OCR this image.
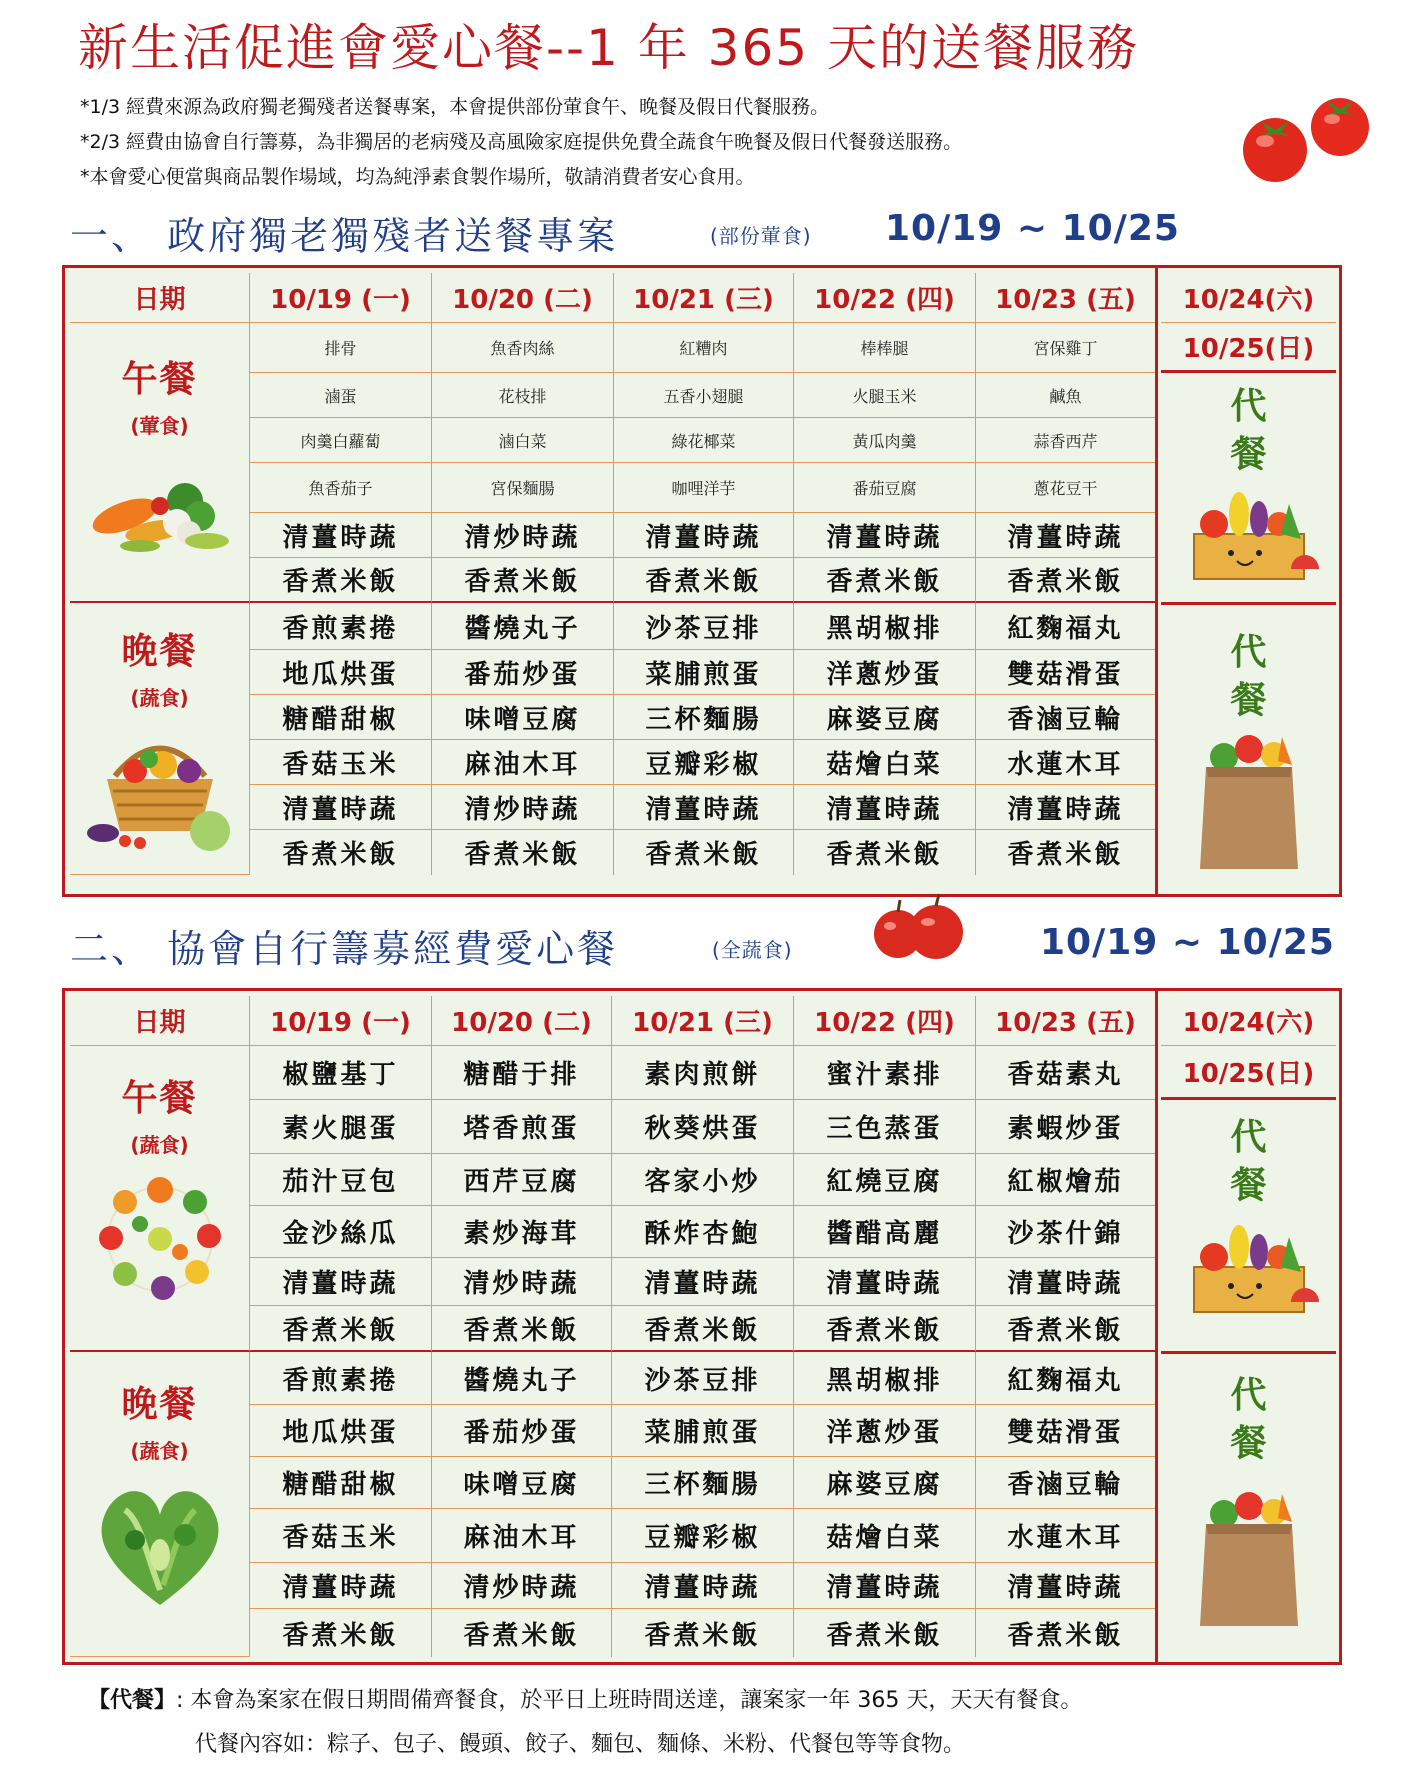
新生活促進會愛心餐--1 年 365 天的送餐服務
*1/3 經費來源為政府獨老獨殘者送餐專案，本會提供部份葷食午、晚餐及假日代餐服務。
*2/3 經費由協會自行籌募，為非獨居的老病殘及高風險家庭提供免費全蔬食午晚餐及假日代餐發送服務。
*本會愛心便當與商品製作場域，均為純淨素食製作場所，敬請消費者安心食用。
一、 政府獨老獨殘者送餐專案	(部份葷食) 10/19 ~ 10/25
日期	10/19 (一)	10/20 (二)	10/21 (三)	10/22 (四)	10/23 (五)
午餐
(葷食)
排骨	魚香肉絲	紅糟肉	棒棒腿	宮保雞丁
滷蛋	花枝排	五香小翅腿	火腿玉米	鹹魚
肉羹白蘿蔔	滷白菜	綠花椰菜	黃瓜肉羹	蒜香西芹
魚香茄子	宮保麵腸	咖哩洋芋	番茄豆腐	蔥花豆干
清薑時蔬	清炒時蔬	清薑時蔬	清薑時蔬	清薑時蔬
香煮米飯	香煮米飯	香煮米飯	香煮米飯	香煮米飯
晚餐
(蔬食)
香煎素捲	醬燒丸子	沙茶豆排	黑胡椒排	紅麴福丸
地瓜烘蛋	番茄炒蛋	菜脯煎蛋	洋蔥炒蛋	雙菇滑蛋
糖醋甜椒	味噌豆腐	三杯麵腸	麻婆豆腐	香滷豆輪
香菇玉米	麻油木耳	豆瓣彩椒	菇燴白菜	水蓮木耳
清薑時蔬	清炒時蔬	清薑時蔬	清薑時蔬	清薑時蔬
香煮米飯	香煮米飯	香煮米飯	香煮米飯	香煮米飯
10/24(六)
10/25(日)
代餐
代餐
二、 協會自行籌募經費愛心餐	(全蔬食)	10/19 ~ 10/25
日期	10/19 (一)	10/20 (二)	10/21 (三)	10/22 (四)	10/23 (五)
午餐
(蔬食)
椒鹽基丁	糖醋于排	素肉煎餅	蜜汁素排	香菇素丸
素火腿蛋	塔香煎蛋	秋葵烘蛋	三色蒸蛋	素蝦炒蛋
茄汁豆包	西芹豆腐	客家小炒	紅燒豆腐	紅椒燴茄
金沙絲瓜	素炒海茸	酥炸杏鮑	醬醋高麗	沙茶什錦
清薑時蔬	清炒時蔬	清薑時蔬	清薑時蔬	清薑時蔬
香煮米飯	香煮米飯	香煮米飯	香煮米飯	香煮米飯
晚餐
(蔬食)
香煎素捲	醬燒丸子	沙茶豆排	黑胡椒排	紅麴福丸
地瓜烘蛋	番茄炒蛋	菜脯煎蛋	洋蔥炒蛋	雙菇滑蛋
糖醋甜椒	味噌豆腐	三杯麵腸	麻婆豆腐	香滷豆輪
香菇玉米	麻油木耳	豆瓣彩椒	菇燴白菜	水蓮木耳
清薑時蔬	清炒時蔬	清薑時蔬	清薑時蔬	清薑時蔬
香煮米飯	香煮米飯	香煮米飯	香煮米飯	香煮米飯
10/24(六)
10/25(日)
代餐
代餐
【代餐】: 本會為案家在假日期間備齊餐食，於平日上班時間送達，讓案家一年 365 天，天天有餐食。
代餐內容如：粽子、包子、饅頭、餃子、麵包、麵條、米粉、代餐包等等食物。
